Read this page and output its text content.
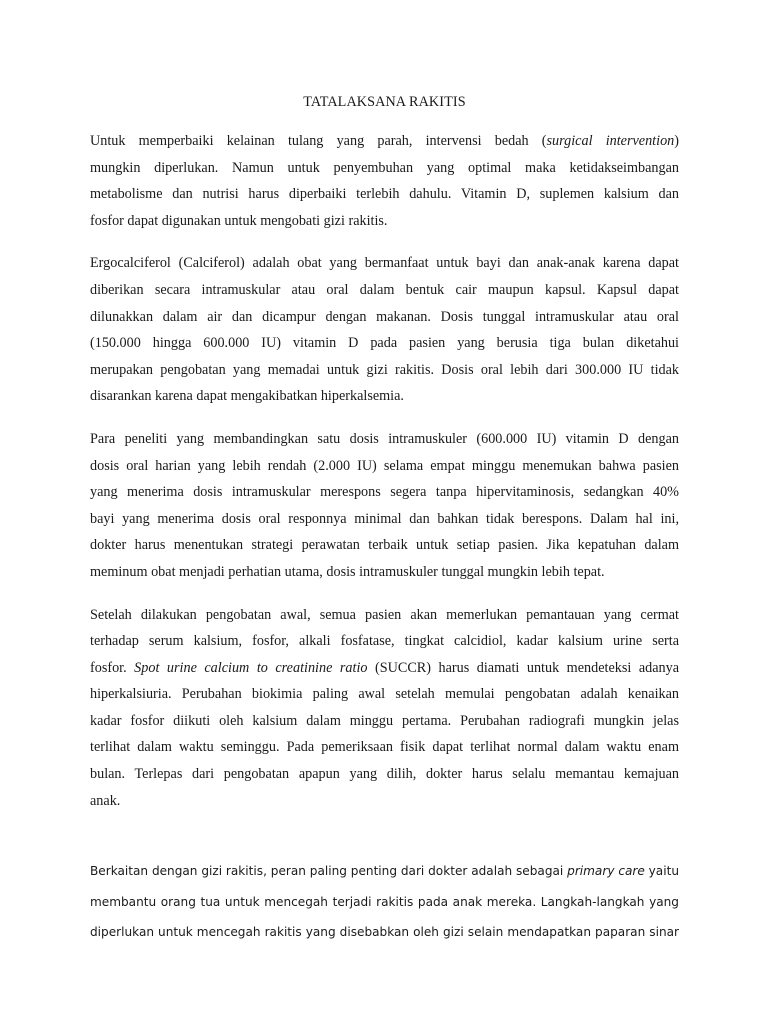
TATALAKSANA RAKITIS
Untuk memperbaiki kelainan tulang yang parah, intervensi bedah (surgical intervention)
mungkin diperlukan. Namun untuk penyembuhan yang optimal maka ketidakseimbangan
metabolisme dan nutrisi harus diperbaiki terlebih dahulu. Vitamin D, suplemen kalsium dan
fosfor dapat digunakan untuk mengobati gizi rakitis.
Ergocalciferol (Calciferol) adalah obat yang bermanfaat untuk bayi dan anak-anak karena dapat
diberikan secara intramuskular atau oral dalam bentuk cair maupun kapsul. Kapsul dapat
dilunakkan dalam air dan dicampur dengan makanan. Dosis tunggal intramuskular atau oral
(150.000 hingga 600.000 IU) vitamin D pada pasien yang berusia tiga bulan diketahui
merupakan pengobatan yang memadai untuk gizi rakitis. Dosis oral lebih dari 300.000 IU tidak
disarankan karena dapat mengakibatkan hiperkalsemia.
Para peneliti yang membandingkan satu dosis intramuskuler (600.000 IU) vitamin D dengan
dosis oral harian yang lebih rendah (2.000 IU) selama empat minggu menemukan bahwa pasien
yang menerima dosis intramuskular merespons segera tanpa hipervitaminosis, sedangkan 40%
bayi yang menerima dosis oral responnya minimal dan bahkan tidak berespons. Dalam hal ini,
dokter harus menentukan strategi perawatan terbaik untuk setiap pasien. Jika kepatuhan dalam
meminum obat menjadi perhatian utama, dosis intramuskuler tunggal mungkin lebih tepat.
Setelah dilakukan pengobatan awal, semua pasien akan memerlukan pemantauan yang cermat
terhadap serum kalsium, fosfor, alkali fosfatase, tingkat calcidiol, kadar kalsium urine serta
fosfor. Spot urine calcium to creatinine ratio (SUCCR) harus diamati untuk mendeteksi adanya
hiperkalsiuria. Perubahan biokimia paling awal setelah memulai pengobatan adalah kenaikan
kadar fosfor diikuti oleh kalsium dalam minggu pertama. Perubahan radiografi mungkin jelas
terlihat dalam waktu seminggu. Pada pemeriksaan fisik dapat terlihat normal dalam waktu enam
bulan. Terlepas dari pengobatan apapun yang dilih, dokter harus selalu memantau kemajuan
anak.
Berkaitan dengan gizi rakitis, peran paling penting dari dokter adalah sebagai primary care yaitu
membantu orang tua untuk mencegah terjadi rakitis pada anak mereka. Langkah-langkah yang
diperlukan untuk mencegah rakitis yang disebabkan oleh gizi selain mendapatkan paparan sinar
